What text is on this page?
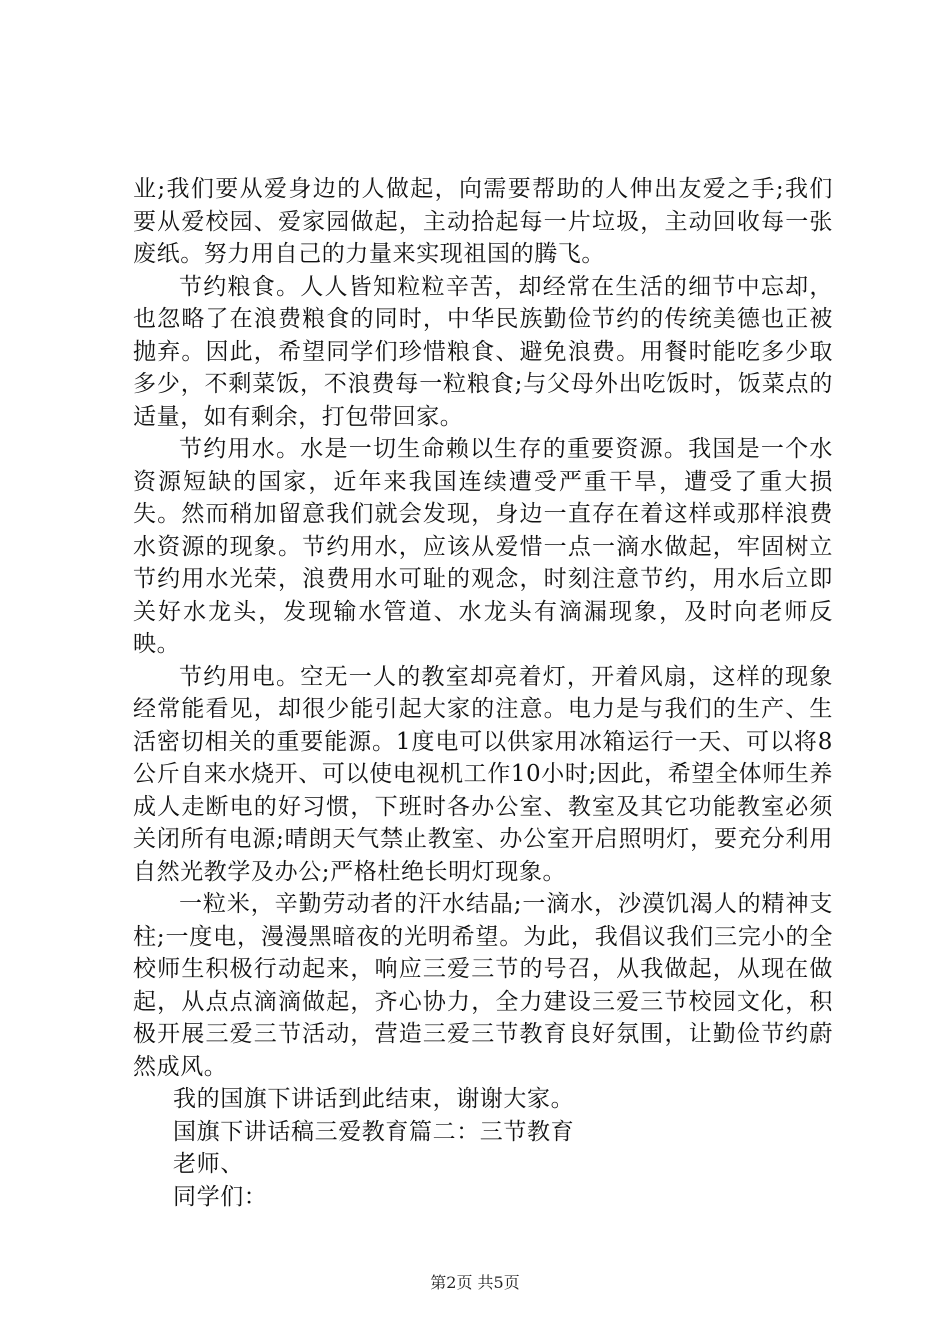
业;我们要从爱身边的人做起，向需要帮助的人伸出友爱之手;我们要从爱校园、爱家园做起，主动拾起每一片垃圾，主动回收每一张废纸。努力用自己的力量来实现祖国的腾飞。

节约粮食。人人皆知粒粒辛苦，却经常在生活的细节中忘却，也忽略了在浪费粮食的同时，中华民族勤俭节约的传统美德也正被抛弃。因此，希望同学们珍惜粮食、避免浪费。用餐时能吃多少取多少，不剩菜饭，不浪费每一粒粮食;与父母外出吃饭时，饭菜点的适量，如有剩余，打包带回家。

节约用水。水是一切生命赖以生存的重要资源。我国是一个水资源短缺的国家，近年来我国连续遭受严重干旱，遭受了重大损失。然而稍加留意我们就会发现，身边一直存在着这样或那样浪费水资源的现象。节约用水，应该从爱惜一点一滴水做起，牢固树立节约用水光荣，浪费用水可耻的观念，时刻注意节约，用水后立即关好水龙头，发现输水管道、水龙头有滴漏现象，及时向老师反映。

节约用电。空无一人的教室却亮着灯，开着风扇，这样的现象经常能看见，却很少能引起大家的注意。电力是与我们的生产、生活密切相关的重要能源。1度电可以供家用冰箱运行一天、可以将8公斤自来水烧开、可以使电视机工作10小时;因此，希望全体师生养成人走断电的好习惯，下班时各办公室、教室及其它功能教室必须关闭所有电源;晴朗天气禁止教室、办公室开启照明灯，要充分利用自然光教学及办公;严格杜绝长明灯现象。

一粒米，辛勤劳动者的汗水结晶;一滴水，沙漠饥渴人的精神支柱;一度电，漫漫黑暗夜的光明希望。为此，我倡议我们三完小的全校师生积极行动起来，响应三爱三节的号召，从我做起，从现在做起，从点点滴滴做起，齐心协力，全力建设三爱三节校园文化，积极开展三爱三节活动，营造三爱三节教育良好氛围，让勤俭节约蔚然成风。

我的国旗下讲话到此结束，谢谢大家。

国旗下讲话稿三爱教育篇二：三节教育

老师、

同学们：

第2页 共5页
